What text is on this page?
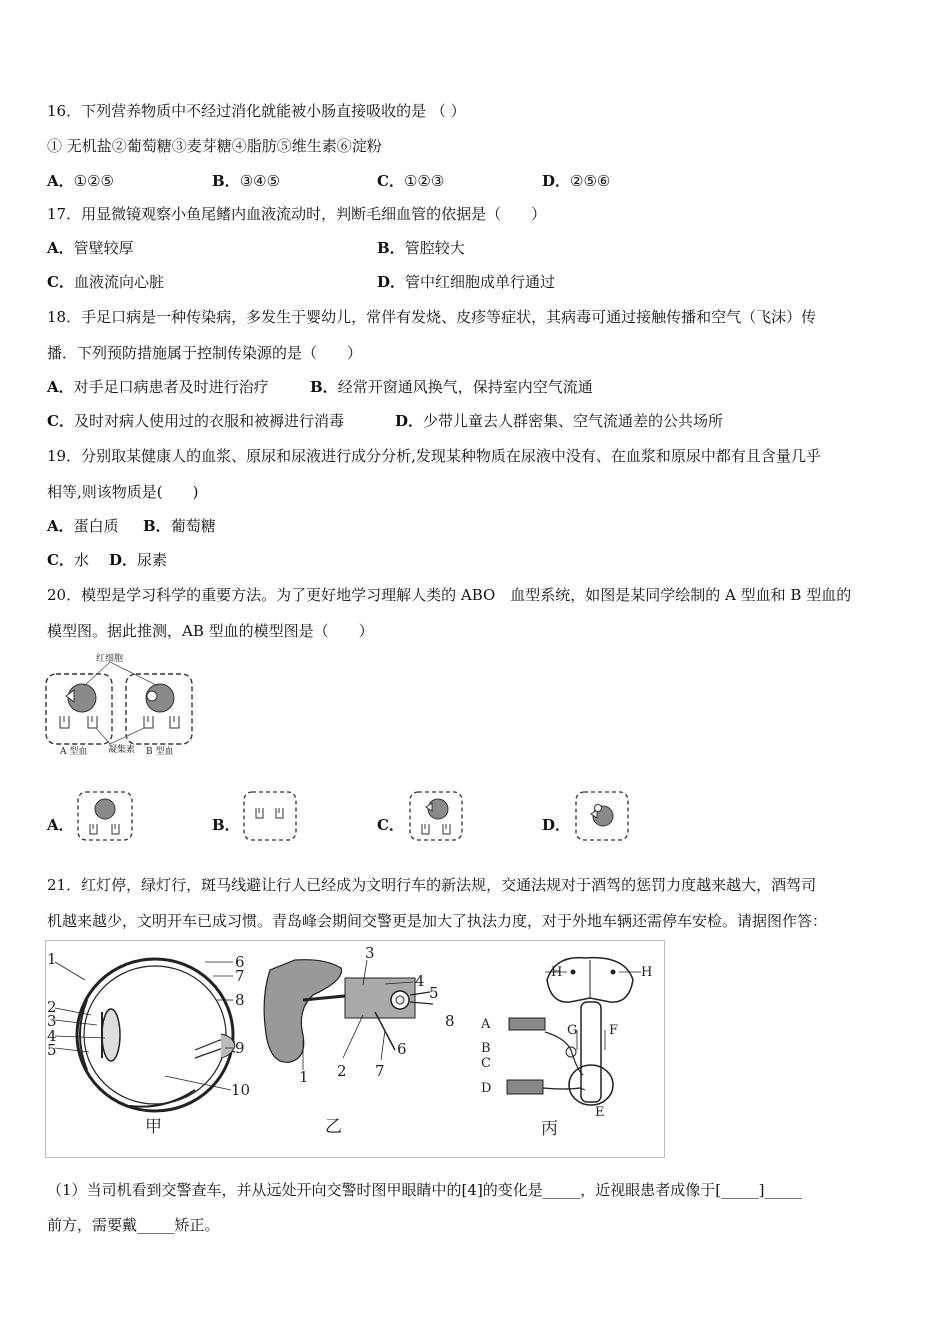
16．下列营养物质中不经过消化就能被小肠直接吸收的是 （ ）
① 无机盐②葡萄糖③麦芽糖④脂肪⑤维生素⑥淀粉
A．①②⑤	B．③④⑤	C．①②③	D．②⑤⑥
17．用显微镜观察小鱼尾鳍内血液流动时，判断毛细血管的依据是（　　）
A．管壁较厚	B．管腔较大
C．血液流向心脏	D．管中红细胞成单行通过
18．手足口病是一种传染病，多发生于婴幼儿，常伴有发烧、皮疹等症状，其病毒可通过接触传播和空气（飞沫）传
播．下列预防措施属于控制传染源的是（　　）
A．对手足口病患者及时进行治疗	B．经常开窗通风换气，保持室内空气流通
C．及时对病人使用过的衣服和被褥进行消毒	D．少带儿童去人群密集、空气流通差的公共场所
19．分别取某健康人的血浆、原尿和尿液进行成分分析,发现某种物质在尿液中没有、在血浆和原尿中都有且含量几乎
相等,则该物质是(　　)
A．蛋白质 B．葡萄糖
C．水 D．尿素
20．模型是学习科学的重要方法。为了更好地学习理解人类的 ABO　血型系统，如图是某同学绘制的 A 型血和 B 型血的
模型图。据此推测，AB 型血的模型图是（　　）
红细胞
A 型血 凝集素 B 型血
A．	B．	C．	D．
21．红灯停，绿灯行，斑马线避让行人已经成为文明行车的新法规，交通法规对于酒驾的惩罚力度越来越大，酒驾司
机越来越少，文明开车已成习惯。青岛峰会期间交警更是加大了执法力度，对于外地车辆还需停车安检。请据图作答：
1
2
3
4
5
6
7
8
9
10
甲
3
4
5
8
6
1 2 7
乙
H	H
G F
A
B
C
D
E
丙
（1）当司机看到交警查车，并从远处开向交警时图甲眼睛中的[4]的变化是_____，近视眼患者成像于[_____]_____
前方，需要戴_____矫正。
